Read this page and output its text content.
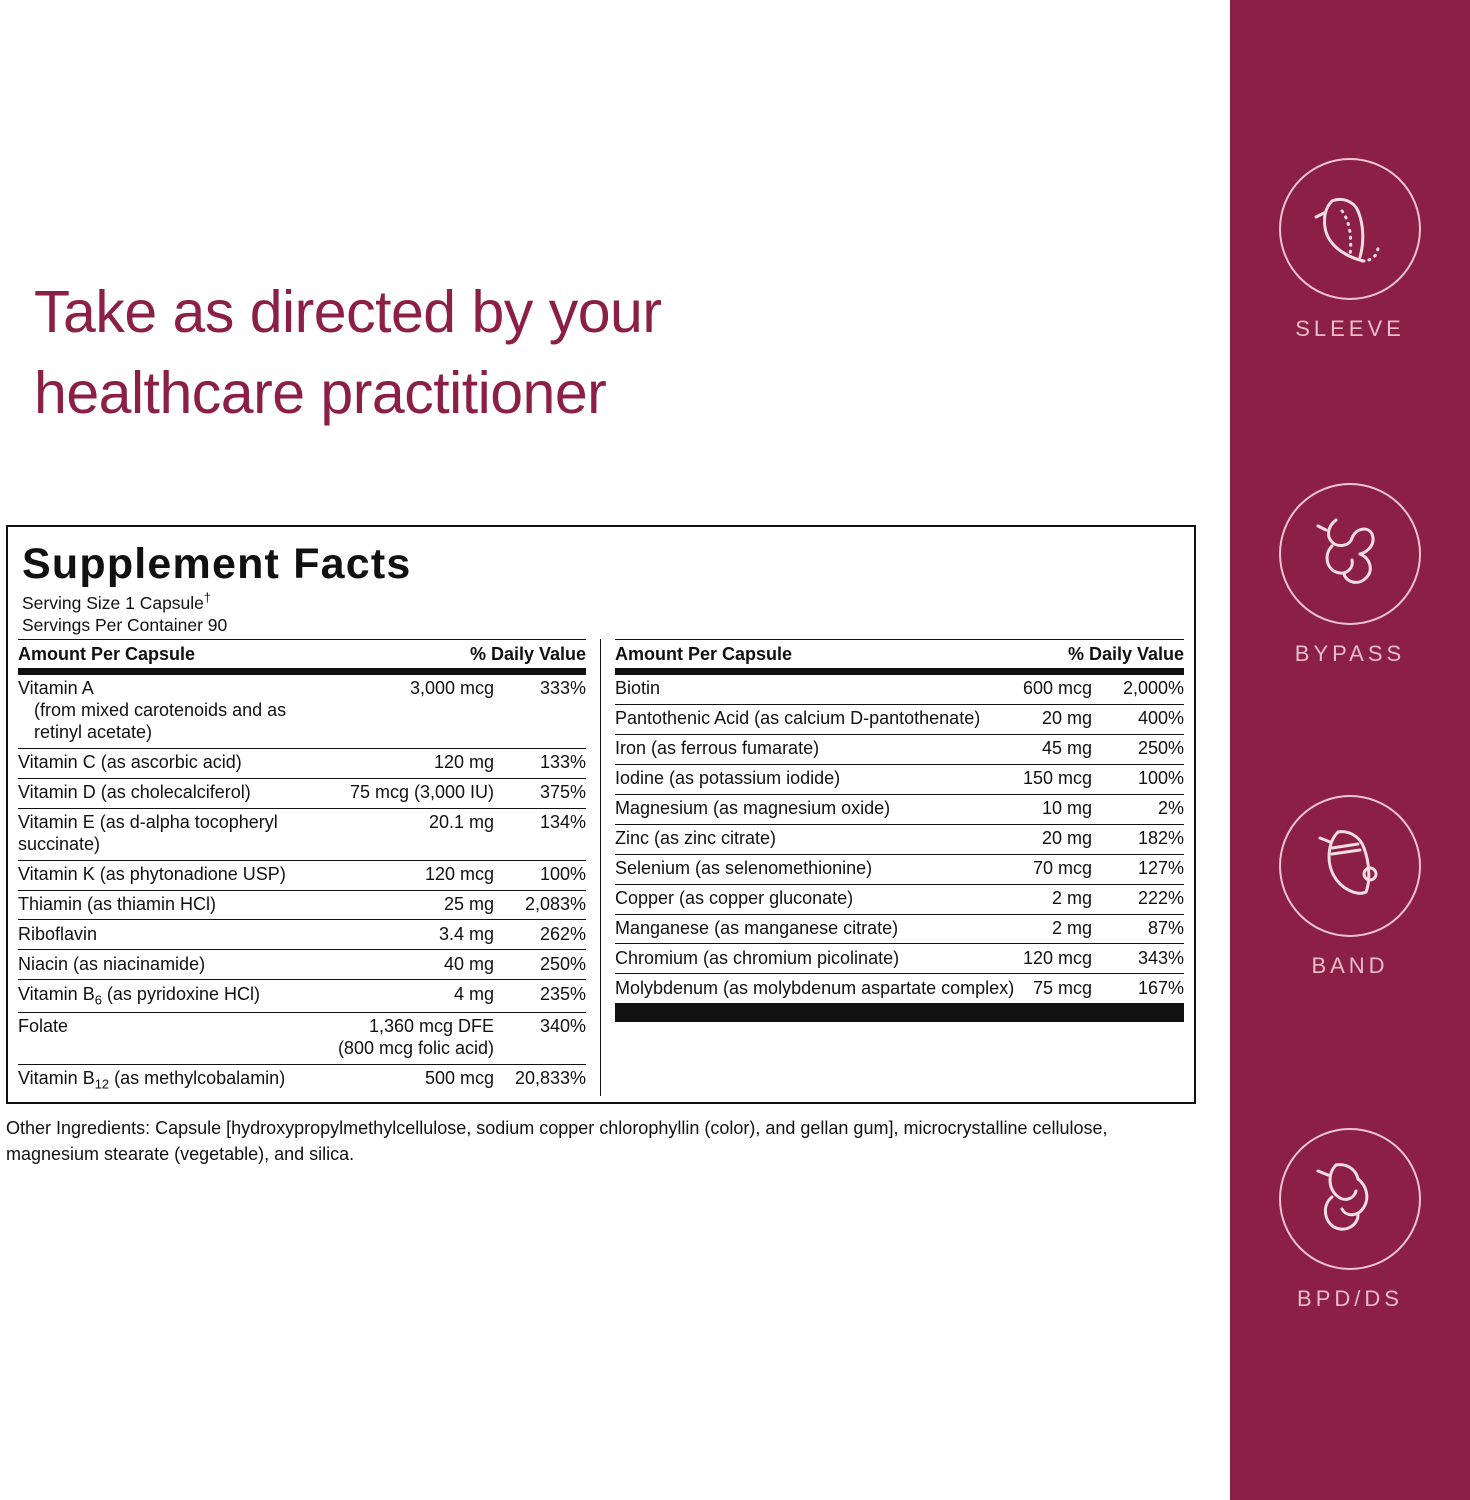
Take as directed by your
healthcare practitioner
Supplement Facts
Serving Size 1 Capsule†
Servings Per Container 90
Amount Per Capsule	% Daily Value
Vitamin A
(from mixed carotenoids and as retinyl acetate)	3,000 mcg	333%
Vitamin C (as ascorbic acid)	120 mg	133%
Vitamin D (as cholecalciferol)	75 mcg (3,000 IU)	375%
Vitamin E (as d-alpha tocopheryl succinate)	20.1 mg	134%
Vitamin K (as phytonadione USP)	120 mcg	100%
Thiamin (as thiamin HCl)	25 mg	2,083%
Riboflavin	3.4 mg	262%
Niacin (as niacinamide)	40 mg	250%
Vitamin $B_6$ (as pyridoxine HCl)	4 mg	235%
Folate	1,360 mcg DFE
(800 mcg folic acid)	340%
Vitamin $B_{12}$ (as methylcobalamin)	500 mcg	20,833%
Amount Per Capsule	% Daily Value
Biotin	600 mcg	2,000%
Pantothenic Acid (as calcium D-pantothenate)	20 mg	400%
Iron (as ferrous fumarate)	45 mg	250%
Iodine (as potassium iodide)	150 mcg	100%
Magnesium (as magnesium oxide)	10 mg	2%
Zinc (as zinc citrate)	20 mg	182%
Selenium (as selenomethionine)	70 mcg	127%
Copper (as copper gluconate)	2 mg	222%
Manganese (as manganese citrate)	2 mg	87%
Chromium (as chromium picolinate)	120 mcg	343%
Molybdenum (as molybdenum aspartate complex)	75 mcg	167%
Other Ingredients: Capsule [hydroxypropylmethylcellulose, sodium copper chlorophyllin (color), and gellan gum], microcrystalline cellulose, magnesium stearate (vegetable), and silica.
SLEEVE
BYPASS
BAND
BPD/DS
